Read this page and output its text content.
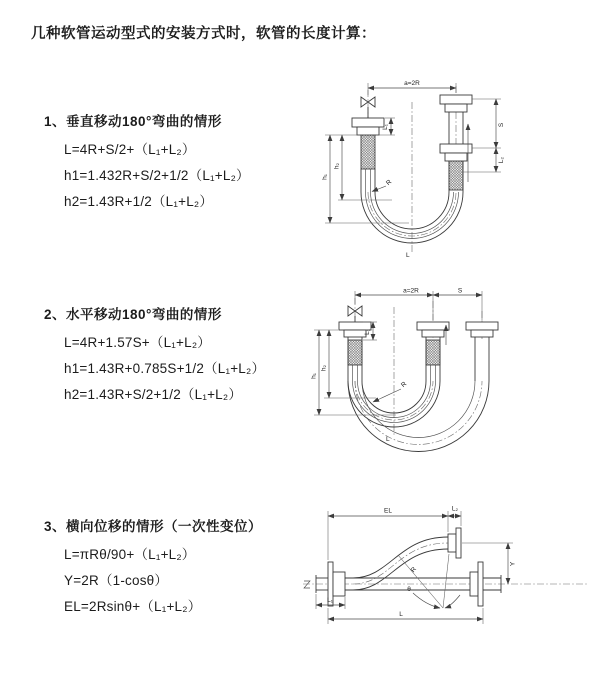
几种软管运动型式的安装方式时，软管的长度计算：
1、垂直移动180°弯曲的情形
L=4R+S/2+（L₁+L₂）
h1=1.432R+S/2+1/2（L₁+L₂）
h2=1.43R+1/2（L₁+L₂）
2、水平移动180°弯曲的情形
L=4R+1.57S+（L₁+L₂）
h1=1.43R+0.785S+1/2（L₁+L₂）
h2=1.43R+S/2+1/2（L₁+L₂）
3、横向位移的情形（一次性变位）
L=πRθ/90+（L₁+L₂）
Y=2R（1-cosθ）
EL=2Rsinθ+（L₁+L₂）
a=2R
S
L₂
h₁
h₂
L₁
R
L
a=2R	S
h₁
h₂
L₁
R
L
θ
R
EL	L₂
Y
L₁
L
